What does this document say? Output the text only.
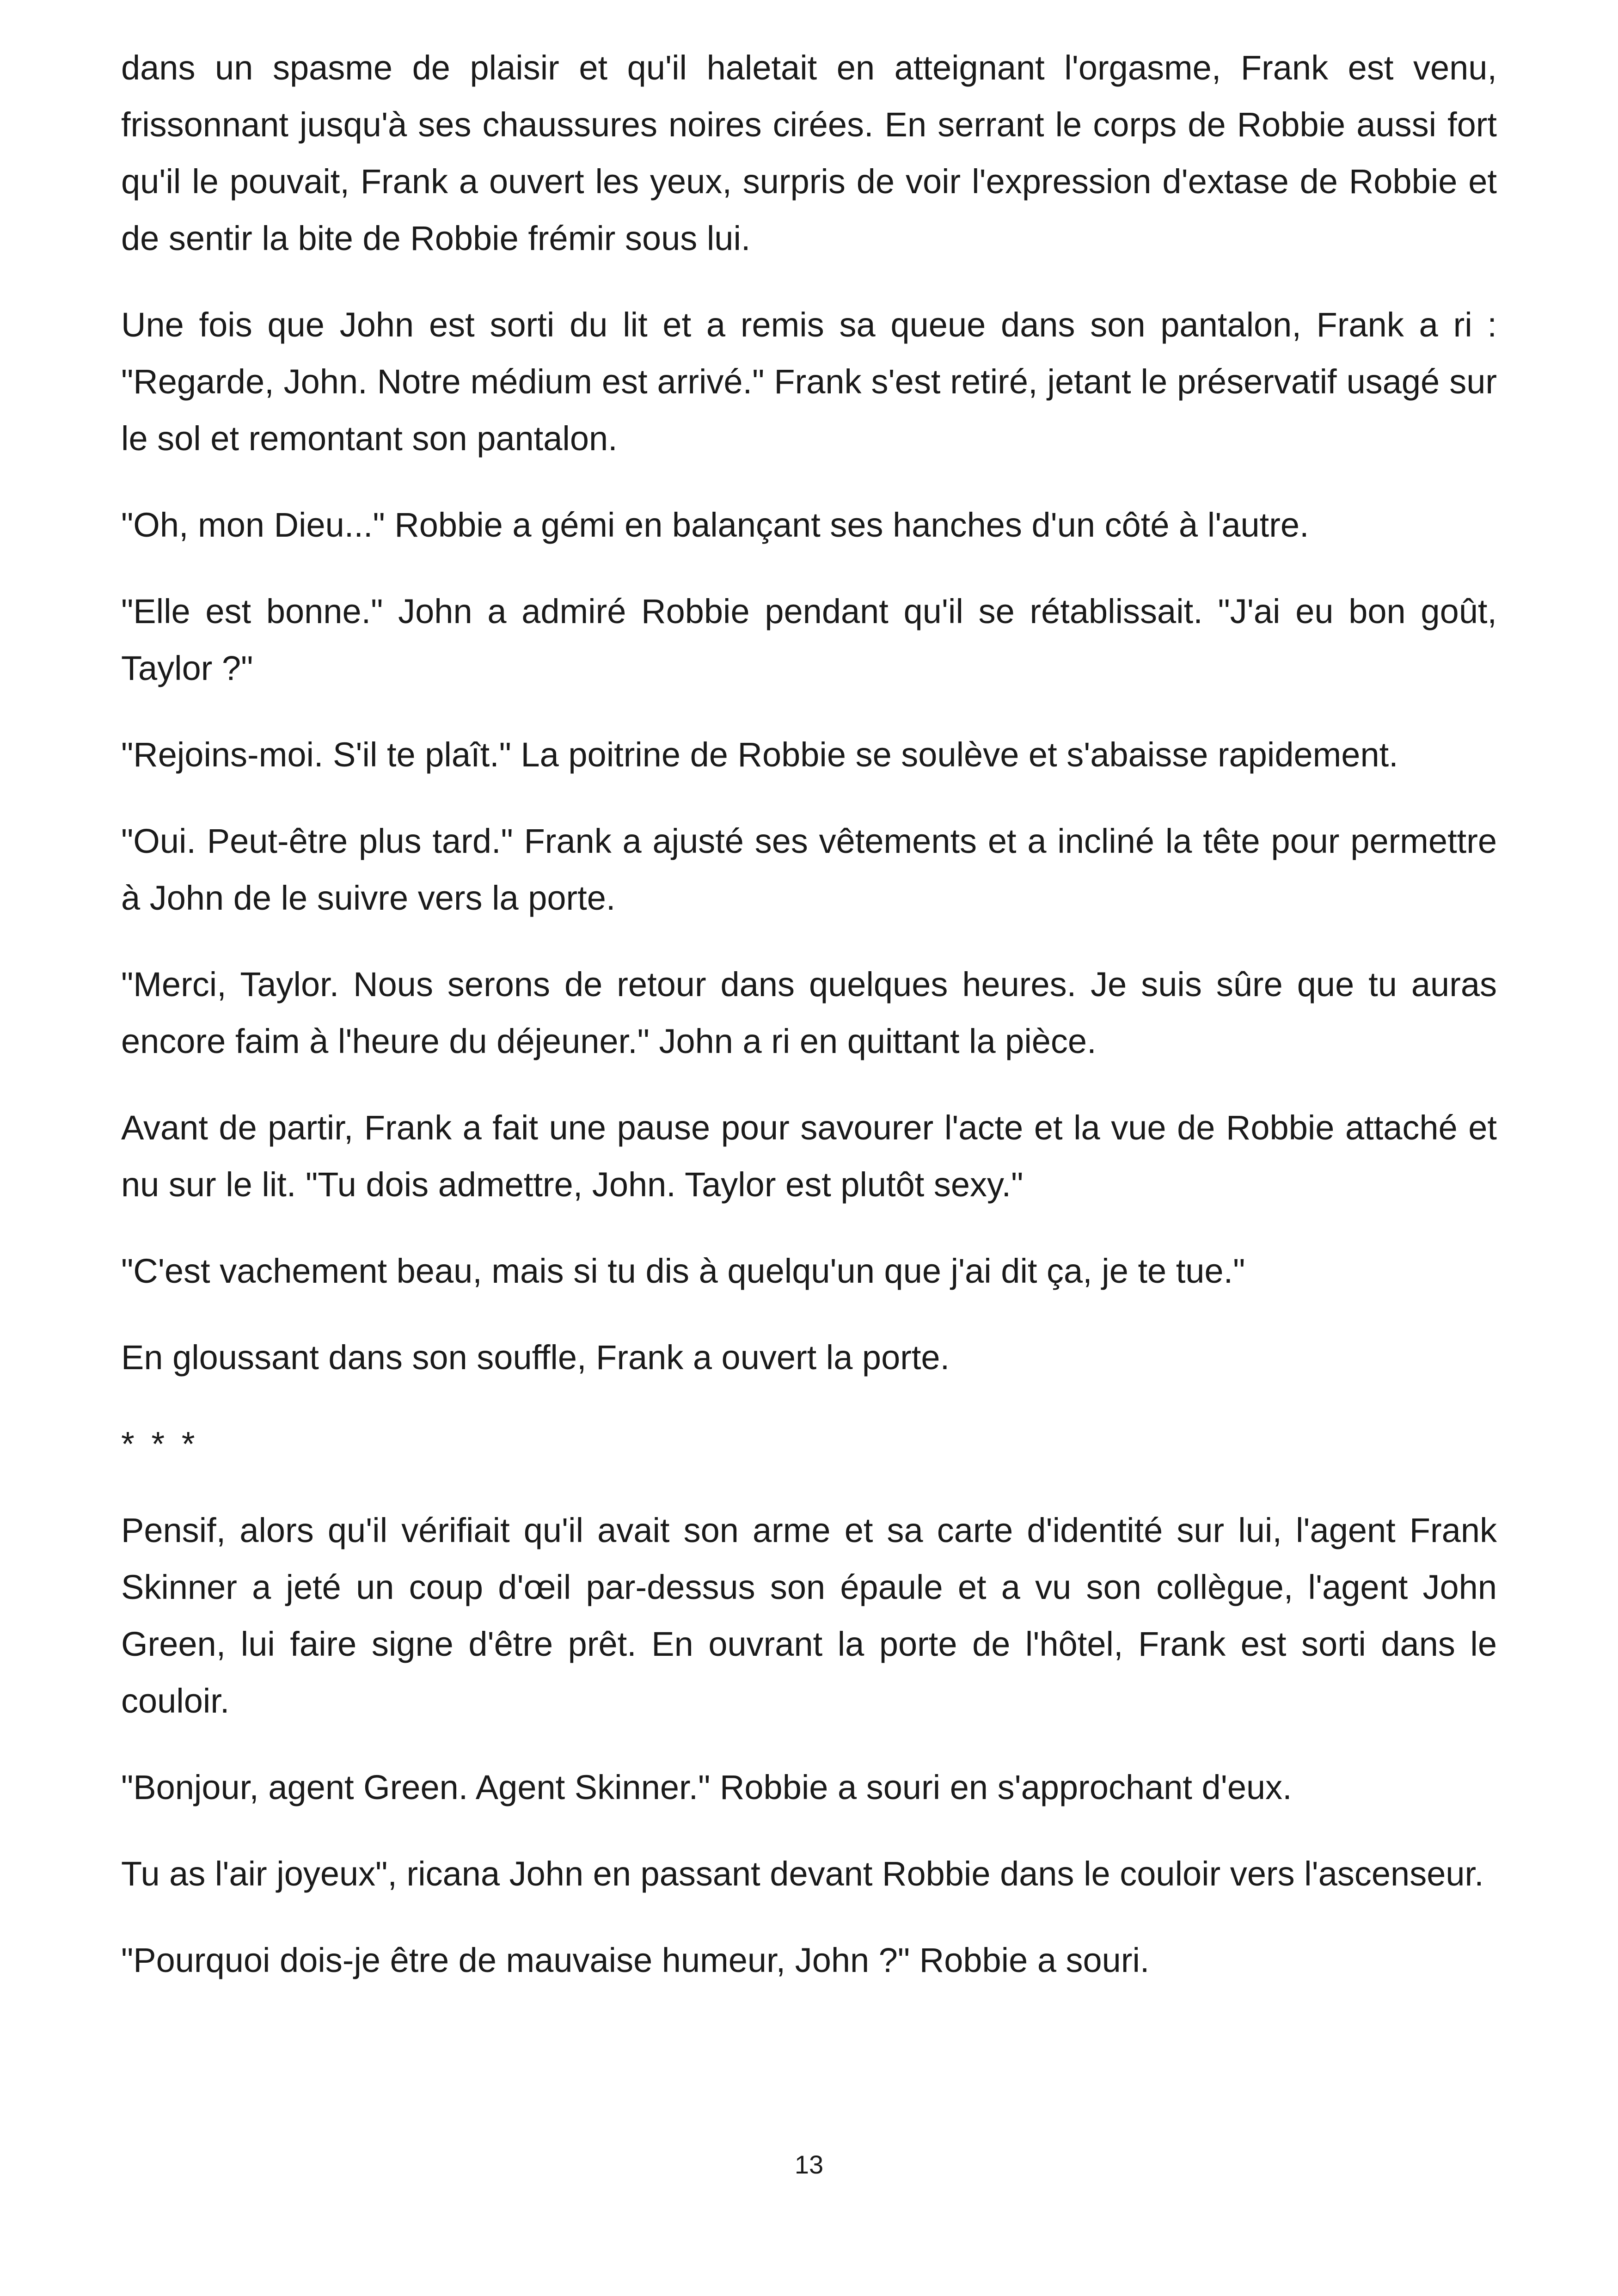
dans un spasme de plaisir et qu'il haletait en atteignant l'orgasme, Frank est venu, frissonnant jusqu'à ses chaussures noires cirées. En serrant le corps de Robbie aussi fort qu'il le pouvait, Frank a ouvert les yeux, surpris de voir l'expression d'extase de Robbie et de sentir la bite de Robbie frémir sous lui.

Une fois que John est sorti du lit et a remis sa queue dans son pantalon, Frank a ri : "Regarde, John. Notre médium est arrivé." Frank s'est retiré, jetant le préservatif usagé sur le sol et remontant son pantalon.

"Oh, mon Dieu..." Robbie a gémi en balançant ses hanches d'un côté à l'autre.

"Elle est bonne." John a admiré Robbie pendant qu'il se rétablissait. "J'ai eu bon goût, Taylor ?"

"Rejoins-moi. S'il te plaît." La poitrine de Robbie se soulève et s'abaisse rapidement.

"Oui. Peut-être plus tard." Frank a ajusté ses vêtements et a incliné la tête pour permettre à John de le suivre vers la porte.

"Merci, Taylor. Nous serons de retour dans quelques heures. Je suis sûre que tu auras encore faim à l'heure du déjeuner." John a ri en quittant la pièce.

Avant de partir, Frank a fait une pause pour savourer l'acte et la vue de Robbie attaché et nu sur le lit. "Tu dois admettre, John. Taylor est plutôt sexy."

"C'est vachement beau, mais si tu dis à quelqu'un que j'ai dit ça, je te tue."

En gloussant dans son souffle, Frank a ouvert la porte.

* * *

Pensif, alors qu'il vérifiait qu'il avait son arme et sa carte d'identité sur lui, l'agent Frank Skinner a jeté un coup d'œil par-dessus son épaule et a vu son collègue, l'agent John Green, lui faire signe d'être prêt. En ouvrant la porte de l'hôtel, Frank est sorti dans le couloir.

"Bonjour, agent Green. Agent Skinner." Robbie a souri en s'approchant d'eux.

Tu as l'air joyeux", ricana John en passant devant Robbie dans le couloir vers l'ascenseur.

"Pourquoi dois-je être de mauvaise humeur, John ?" Robbie a souri.

13
